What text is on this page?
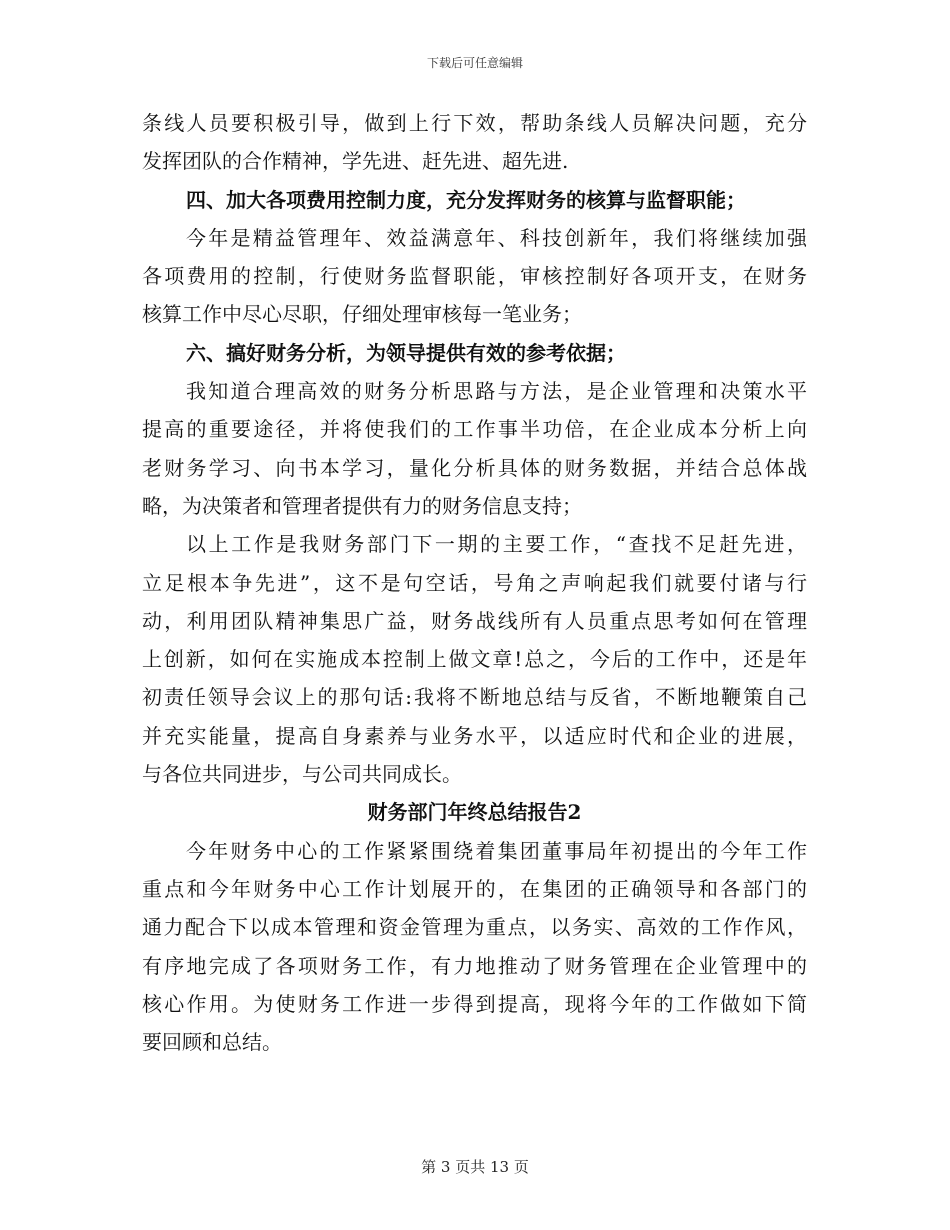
下载后可任意编辑
条线人员要积极引导，做到上行下效，帮助条线人员解决问题，充分
发挥团队的合作精神，学先进、赶先进、超先进.
四、加大各项费用控制力度，充分发挥财务的核算与监督职能；
今年是精益管理年、效益满意年、科技创新年，我们将继续加强
各项费用的控制，行使财务监督职能，审核控制好各项开支，在财务
核算工作中尽心尽职，仔细处理审核每一笔业务；
六、搞好财务分析，为领导提供有效的参考依据；
我知道合理高效的财务分析思路与方法，是企业管理和决策水平
提高的重要途径，并将使我们的工作事半功倍，在企业成本分析上向
老财务学习、向书本学习，量化分析具体的财务数据，并结合总体战
略，为决策者和管理者提供有力的财务信息支持；
以上工作是我财务部门下一期的主要工作，“查找不足赶先进，
立足根本争先进”，这不是句空话，号角之声响起我们就要付诸与行
动，利用团队精神集思广益，财务战线所有人员重点思考如何在管理
上创新，如何在实施成本控制上做文章!总之，今后的工作中，还是年
初责任领导会议上的那句话:我将不断地总结与反省，不断地鞭策自己
并充实能量，提高自身素养与业务水平，以适应时代和企业的进展，
与各位共同进步，与公司共同成长。
财务部门年终总结报告2
今年财务中心的工作紧紧围绕着集团董事局年初提出的今年工作
重点和今年财务中心工作计划展开的，在集团的正确领导和各部门的
通力配合下以成本管理和资金管理为重点，以务实、高效的工作作风，
有序地完成了各项财务工作，有力地推动了财务管理在企业管理中的
核心作用。为使财务工作进一步得到提高，现将今年的工作做如下简
要回顾和总结。
第 3 页共 13 页
